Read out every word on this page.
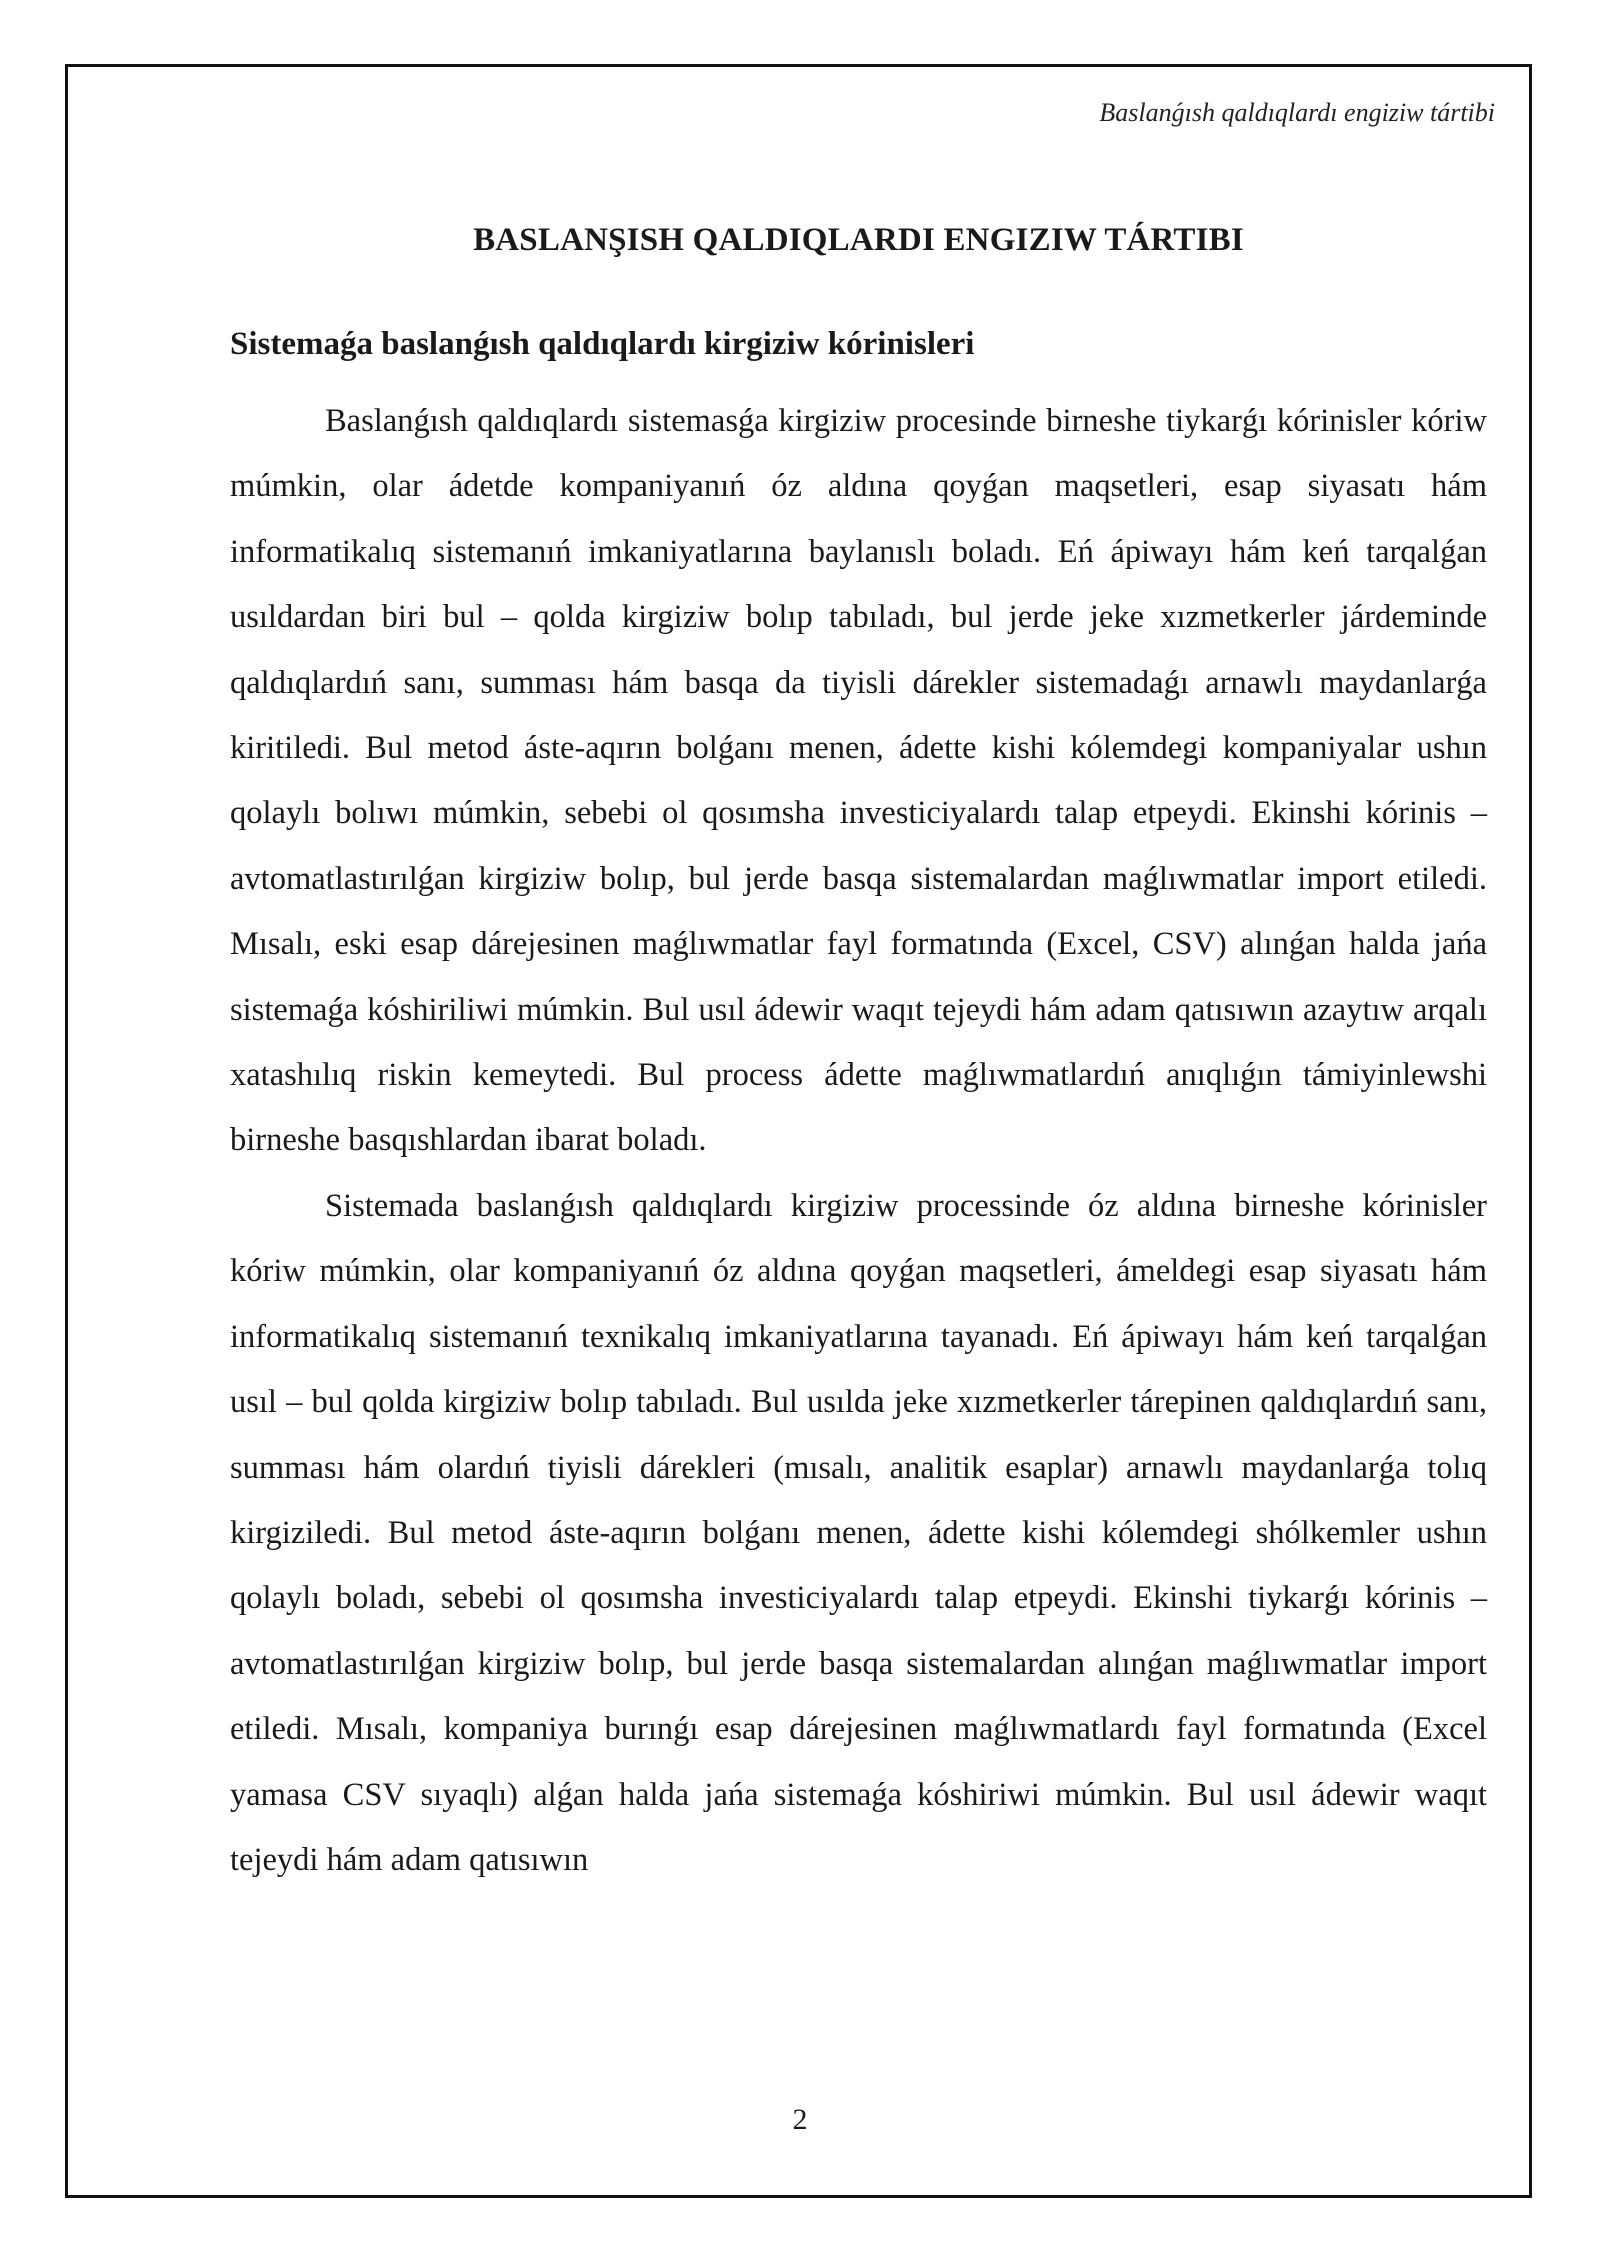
Baslanǵısh qaldıqlardı engiziw tártibi
BASLANŞISH QALDIQLARDI ENGIZIW TÁRTIBI
Sistemaǵa baslanǵısh qaldıqlardı kirgiziw kórinisleri

Baslanǵısh qaldıqlardı sistemasǵa kirgiziw procesinde birneshe tiykarǵı kórinisler kóriw múmkin, olar ádetde kompaniyanıń óz aldına qoyǵan maqsetleri, esap siyasatı hám informatikalıq sistemanıń imkaniyatlarına baylanıslı boladı. Eń ápiwayı hám keń tarqalǵan usıldardan biri bul – qolda kirgiziw bolıp tabıladı, bul jerde jeke xızmetkerler járdeminde qaldıqlardıń sanı, summası hám basqa da tiyisli dárekler sistemadaǵı arnawlı maydanlarǵa kiritiledi. Bul metod áste-aqırın bolǵanı menen, ádette kishi kólemdegi kompaniyalar ushın qolaylı bolıwı múmkin, sebebi ol qosımsha investiciyalardı talap etpeydi. Ekinshi kórinis – avtomatlastırılǵan kirgiziw bolıp, bul jerde basqa sistemalardan maǵlıwmatlar import etiledi. Mısalı, eski esap dárejesinen maǵlıwmatlar fayl formatında (Excel, CSV) alınǵan halda jańa sistemaǵa kóshiriliwi múmkin. Bul usıl ádewir waqıt tejeydi hám adam qatısıwın azaytıw arqalı xatashılıq riskin kemeytedi. Bul process ádette maǵlıwmatlardıń anıqlıǵın támiyinlewshi birneshe basqıshlardan ibarat boladı.

Sistemada baslanǵısh qaldıqlardı kirgiziw processinde óz aldına birneshe kórinisler kóriw múmkin, olar kompaniyanıń óz aldına qoyǵan maqsetleri, ámeldegi esap siyasatı hám informatikalıq sistemanıń texnikalıq imkaniyatlarına tayanadı. Eń ápiwayı hám keń tarqalǵan usıl – bul qolda kirgiziw bolıp tabıladı. Bul usılda jeke xızmetkerler tárepinen qaldıqlardıń sanı, summası hám olardıń tiyisli dárekleri (mısalı, analitik esaplar) arnawlı maydanlarǵa tolıq kirgiziledi. Bul metod áste-aqırın bolǵanı menen, ádette kishi kólemdegi shólkemler ushın qolaylı boladı, sebebi ol qosımsha investiciyalardı talap etpeydi. Ekinshi tiykarǵı kórinis – avtomatlastırılǵan kirgiziw bolıp, bul jerde basqa sistemalardan alınǵan maǵlıwmatlar import etiledi. Mısalı, kompaniya burınǵı esap dárejesinen maǵlıwmatlardı fayl formatında (Excel yamasa CSV sıyaqlı) alǵan halda jańa sistemaǵa kóshiriwi múmkin. Bul usıl ádewir waqıt tejeydi hám adam qatısıwın

2
